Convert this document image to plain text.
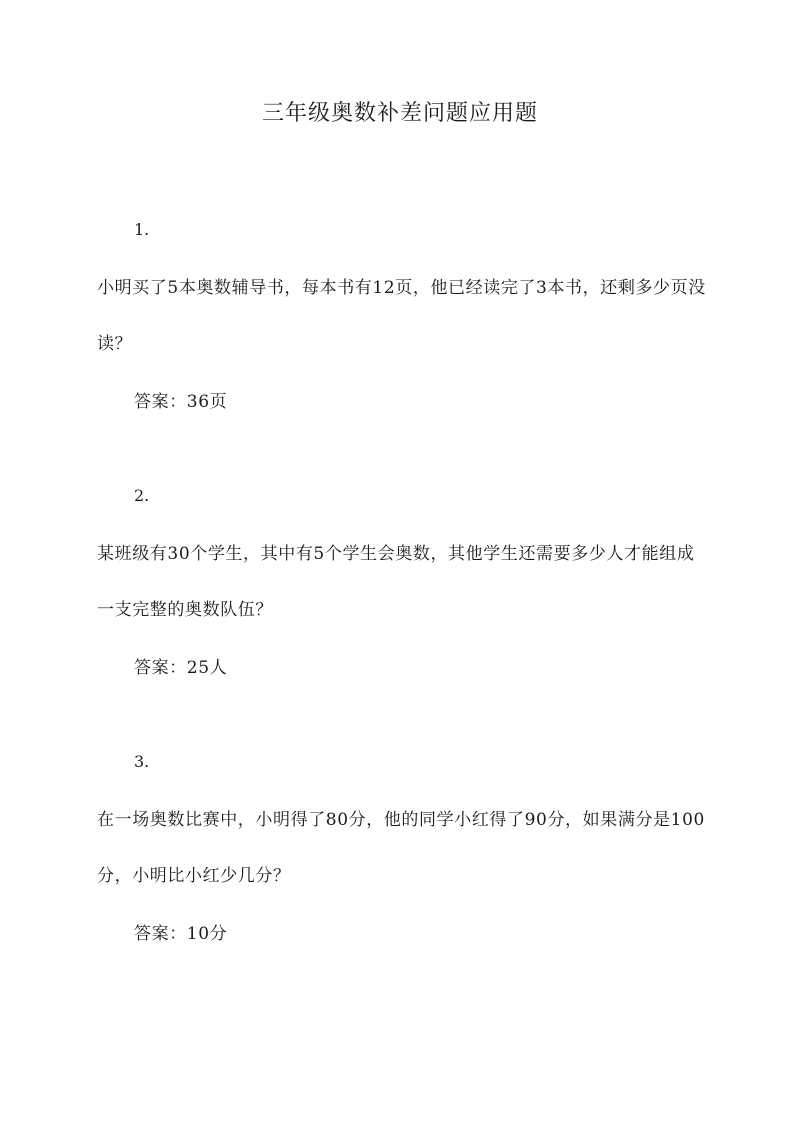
三年级奥数补差问题应用题
1.
小明买了5本奥数辅导书，每本书有12页，他已经读完了3本书，还剩多少页没读？
答案：36页
2.
某班级有30个学生，其中有5个学生会奥数，其他学生还需要多少人才能组成一支完整的奥数队伍？
答案：25人
3.
在一场奥数比赛中，小明得了80分，他的同学小红得了90分，如果满分是100分，小明比小红少几分？
答案：10分
